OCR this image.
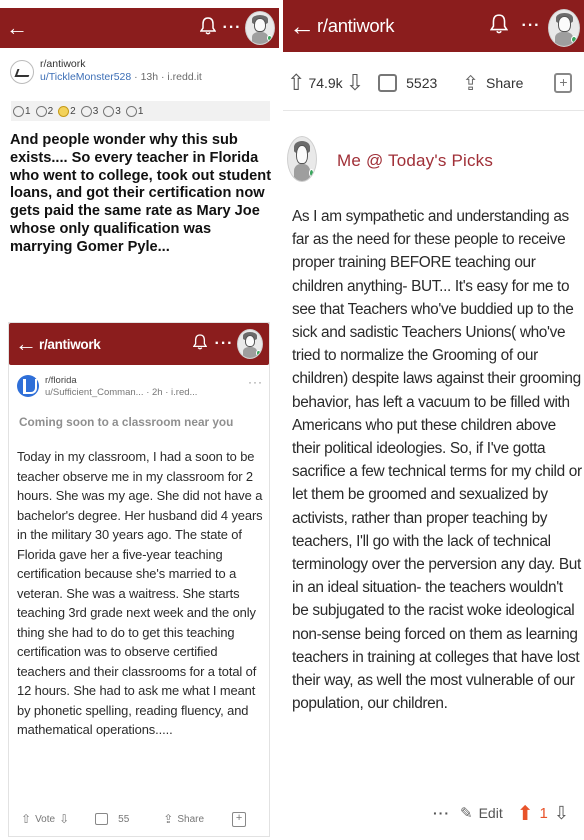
←	···
r/antiwork
u/TickleMonster528 · 13h · i.redd.it
1 2 2 3 3 1
And people wonder why this sub exists.... So every teacher in Florida who went to college, took out student loans, and got their certification now gets paid the same rate as Mary Joe whose only qualification was marrying Gomer Pyle...
← r/antiwork	···
r/florida
u/Sufficient_Comman... · 2h · i.red...
···
Coming soon to a classroom near you
Today in my classroom, I had a soon to be teacher observe me in my classroom for 2 hours. She was my age. She did not have a bachelor's degree. Her husband did 4 years in the military 30 years ago. The state of Florida gave her a five-year teaching certification because she's married to a veteran. She was a waitress. She starts teaching 3rd grade next week and the only thing she had to do to get this teaching certification was to observe certified teachers and their classrooms for a total of 12 hours. She had to ask me what I meant by phonetic spelling, reading fluency, and mathematical operations.....
⇧ Vote ⇩	55	⇪ Share	+
← r/antiwork	···
⇧ 74.9k ⇩	5523 ⇪ Share	+
Me @ Today's Picks
As I am sympathetic and understanding as far as the need for these people to receive proper training BEFORE teaching our children anything- BUT... It's easy for me to see that Teachers who've buddied up to the sick and sadistic Teachers Unions( who've tried to normalize the Grooming of our children) despite laws against their grooming behavior, has left a vacuum to be filled with Americans who put these children above their political ideologies. So, if I've gotta sacrifice a few technical terms for my child or let them be groomed and sexualized by activists, rather than proper teaching by teachers, I'll go with the lack of technical terminology over the perversion any day. But in an ideal situation- the teachers wouldn't be subjugated to the racist woke ideological non-sense being forced on them as learning teachers in training at colleges that have lost their way, as well the most vulnerable of our population, our children.
··· ✎ Edit ⬆ 1 ⇩
